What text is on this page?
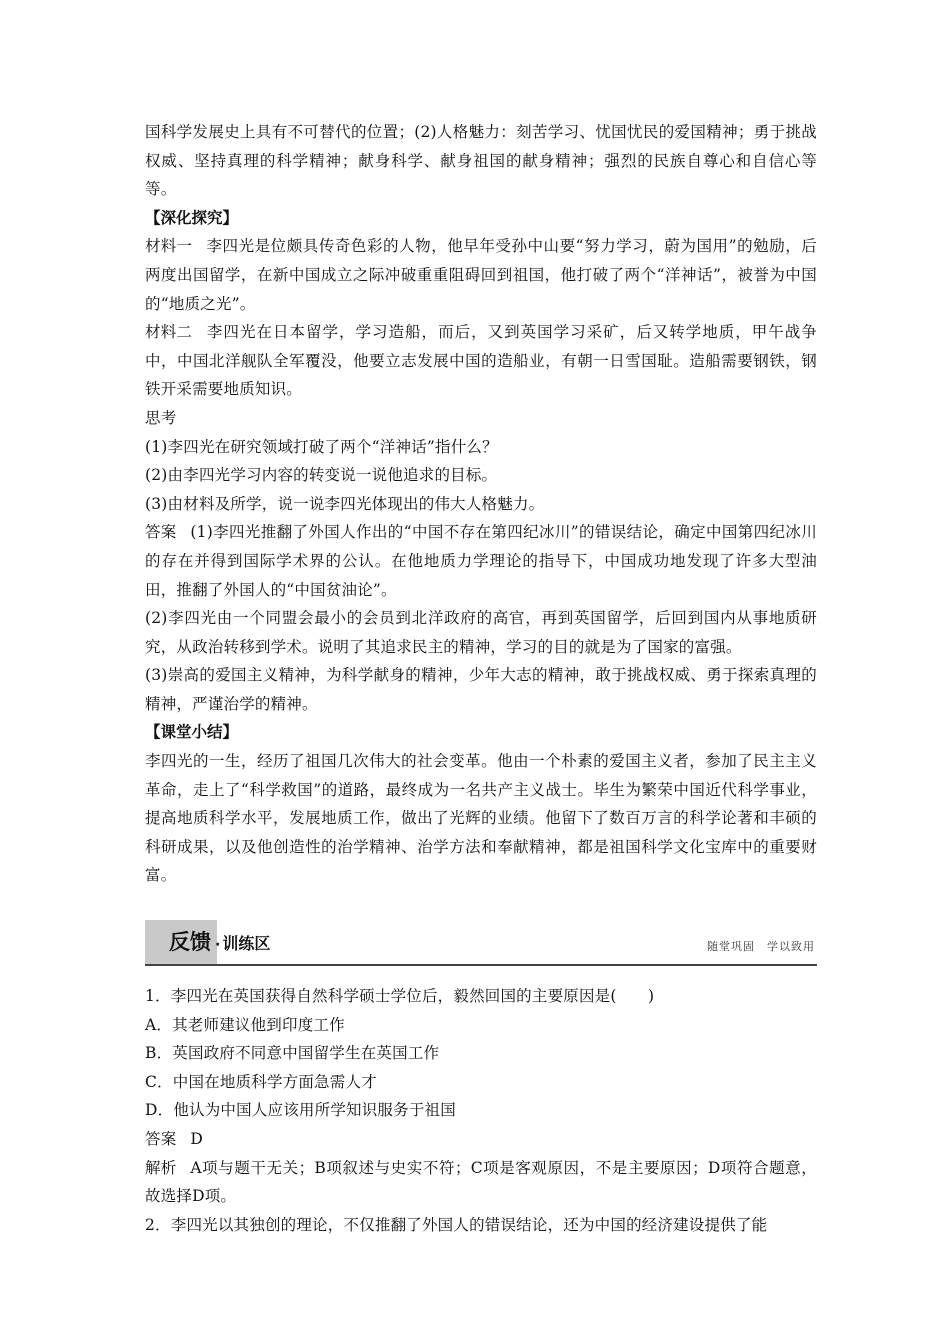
国科学发展史上具有不可替代的位置；(2)人格魅力：刻苦学习、忧国忧民的爱国精神；勇于挑战权威、坚持真理的科学精神；献身科学、献身祖国的献身精神；强烈的民族自尊心和自信心等等。

【深化探究】

材料一 李四光是位颇具传奇色彩的人物，他早年受孙中山要“努力学习，蔚为国用”的勉励，后两度出国留学，在新中国成立之际冲破重重阻碍回到祖国，他打破了两个“洋神话”，被誉为中国的“地质之光”。

材料二 李四光在日本留学，学习造船，而后，又到英国学习采矿，后又转学地质，甲午战争中，中国北洋舰队全军覆没，他要立志发展中国的造船业，有朝一日雪国耻。造船需要钢铁，钢铁开采需要地质知识。

思考

(1)李四光在研究领域打破了两个“洋神话”指什么？

(2)由李四光学习内容的转变说一说他追求的目标。

(3)由材料及所学，说一说李四光体现出的伟大人格魅力。

答案 (1)李四光推翻了外国人作出的“中国不存在第四纪冰川”的错误结论，确定中国第四纪冰川的存在并得到国际学术界的公认。在他地质力学理论的指导下，中国成功地发现了许多大型油田，推翻了外国人的“中国贫油论”。

(2)李四光由一个同盟会最小的会员到北洋政府的高官，再到英国留学，后回到国内从事地质研究，从政治转移到学术。说明了其追求民主的精神，学习的目的就是为了国家的富强。

(3)崇高的爱国主义精神，为科学献身的精神，少年大志的精神，敢于挑战权威、勇于探索真理的精神，严谨治学的精神。

【课堂小结】

李四光的一生，经历了祖国几次伟大的社会变革。他由一个朴素的爱国主义者，参加了民主主义革命，走上了“科学救国”的道路，最终成为一名共产主义战士。毕生为繁荣中国近代科学事业，提高地质科学水平，发展地质工作，做出了光辉的业绩。他留下了数百万言的科学论著和丰硕的科研成果，以及他创造性的治学精神、治学方法和奉献精神，都是祖国科学文化宝库中的重要财富。

反馈 · 训练区	随堂巩固　学以致用

1．李四光在英国获得自然科学硕士学位后，毅然回国的主要原因是(　　)

A．其老师建议他到印度工作

B．英国政府不同意中国留学生在英国工作

C．中国在地质科学方面急需人才

D．他认为中国人应该用所学知识服务于祖国

答案 D

解析 A项与题干无关；B项叙述与史实不符；C项是客观原因，不是主要原因；D项符合题意，故选择D项。

2．李四光以其独创的理论，不仅推翻了外国人的错误结论，还为中国的经济建设提供了能
